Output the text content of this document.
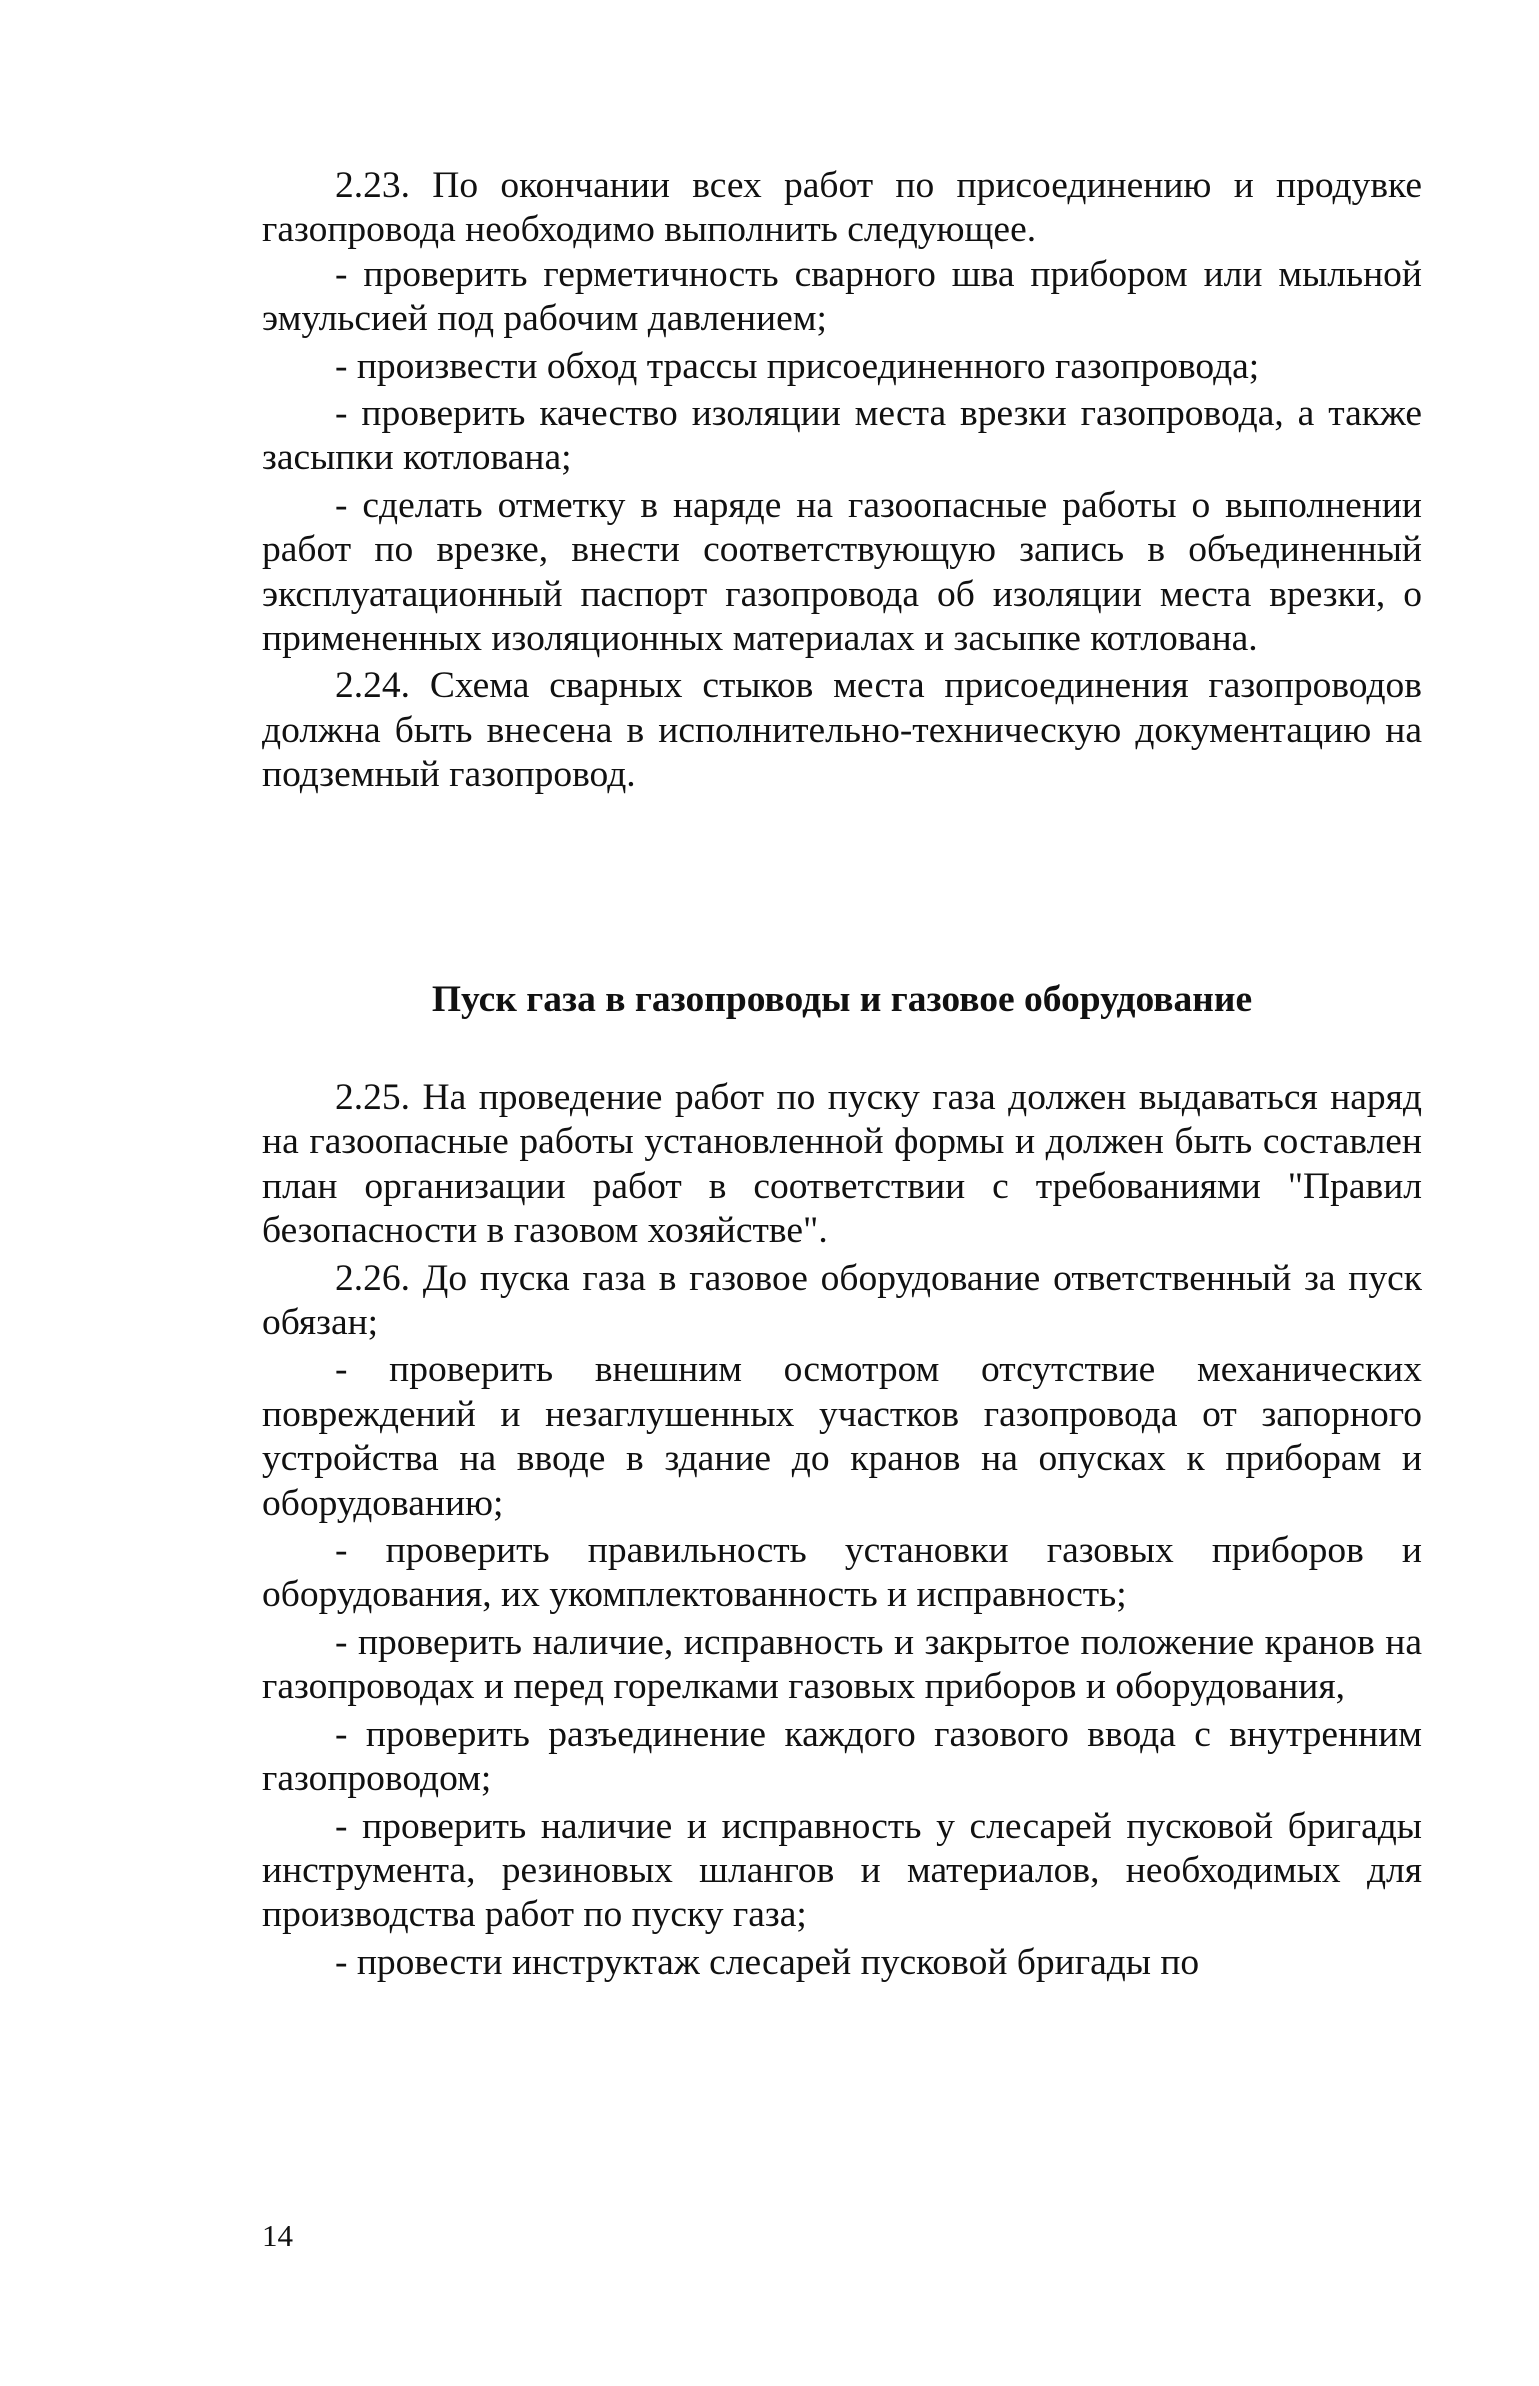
2.23. По окончании всех работ по присоединению и продувке газопровода необходимо выполнить следующее.

- проверить герметичность сварного шва прибором или мыльной эмульсией под рабочим давлением;

- произвести обход трассы присоединенного газопровода;

- проверить качество изоляции места врезки газопровода, а также засыпки котлована;

- сделать отметку в наряде на газоопасные работы о выполнении работ по врезке, внести соответствующую запись в объединенный эксплуатационный паспорт газопровода об изоляции места врезки, о примененных изоляционных материалах и засыпке котлована.

2.24. Схема сварных стыков места присоединения газопроводов должна быть внесена в исполнительно-техническую документацию на подземный газопровод.

Пуск газа в газопроводы и газовое оборудование

2.25. На проведение работ по пуску газа должен выдаваться наряд на газоопасные работы установленной формы и должен быть составлен план организации работ в соответствии с требованиями "Правил безопасности в газовом хозяйстве".

2.26. До пуска газа в газовое оборудование ответственный за пуск обязан;

- проверить внешним осмотром отсутствие механических повреждений и незаглушенных участков газопровода от запорного устройства на вводе в здание до кранов на опусках к приборам и оборудованию;

- проверить правильность установки газовых приборов и оборудования, их укомплектованность и исправность;

- проверить наличие, исправность и закрытое положение кранов на газопроводах и перед горелками газовых приборов и оборудования,

- проверить разъединение каждого газового ввода с внутренним газопроводом;

- проверить наличие и исправность у слесарей пусковой бригады инструмента, резиновых шлангов и материалов, необходимых для производства работ по пуску газа;

- провести инструктаж слесарей пусковой бригады по

14
